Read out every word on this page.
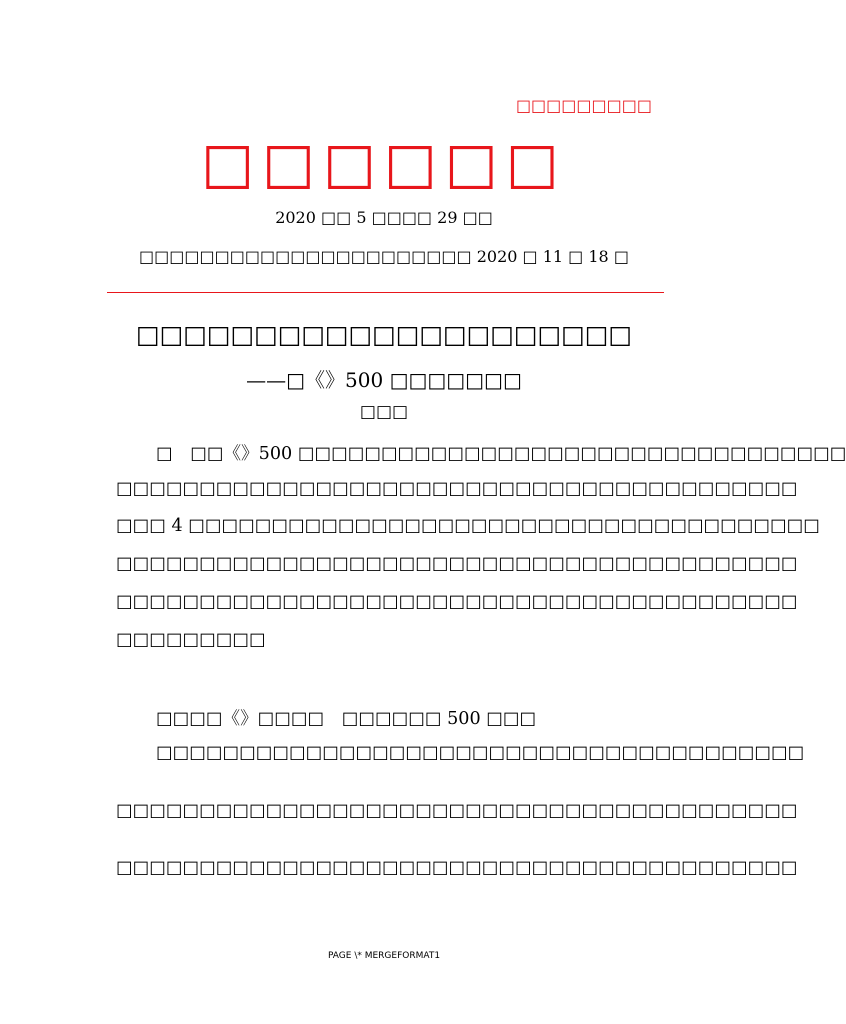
□□□□□□□□□
□□□□□□
2020 □□ 5 □□□□ 29 □□
□□□□□□□□□□□□□□□□□□□□□□ 2020 □ 11 □ 18 □
□□□□□□□□□□□□□□□□□□□□□
——□《》500 □□□□□□□
□□□
□　□□《》500 □□□□□□□□□□□□□□□□□□□□□□□□□□□□□□□□□
□□□□□□□□□□□□□□□□□□□□□□□□□□□□□□□□□□□□□□□□□
□□□ 4 □□□□□□□□□□□□□□□□□□□□□□□□□□□□□□□□□□□□□□
□□□□□□□□□□□□□□□□□□□□□□□□□□□□□□□□□□□□□□□□□
□□□□□□□□□□□□□□□□□□□□□□□□□□□□□□□□□□□□□□□□□
□□□□□□□□□
□□□□《》□□□□　□□□□□□ 500 □□□
□□□□□□□□□□□□□□□□□□□□□□□□□□□□□□□□□□□□□□□
□□□□□□□□□□□□□□□□□□□□□□□□□□□□□□□□□□□□□□□□□
□□□□□□□□□□□□□□□□□□□□□□□□□□□□□□□□□□□□□□□□□
PAGE \* MERGEFORMAT1
